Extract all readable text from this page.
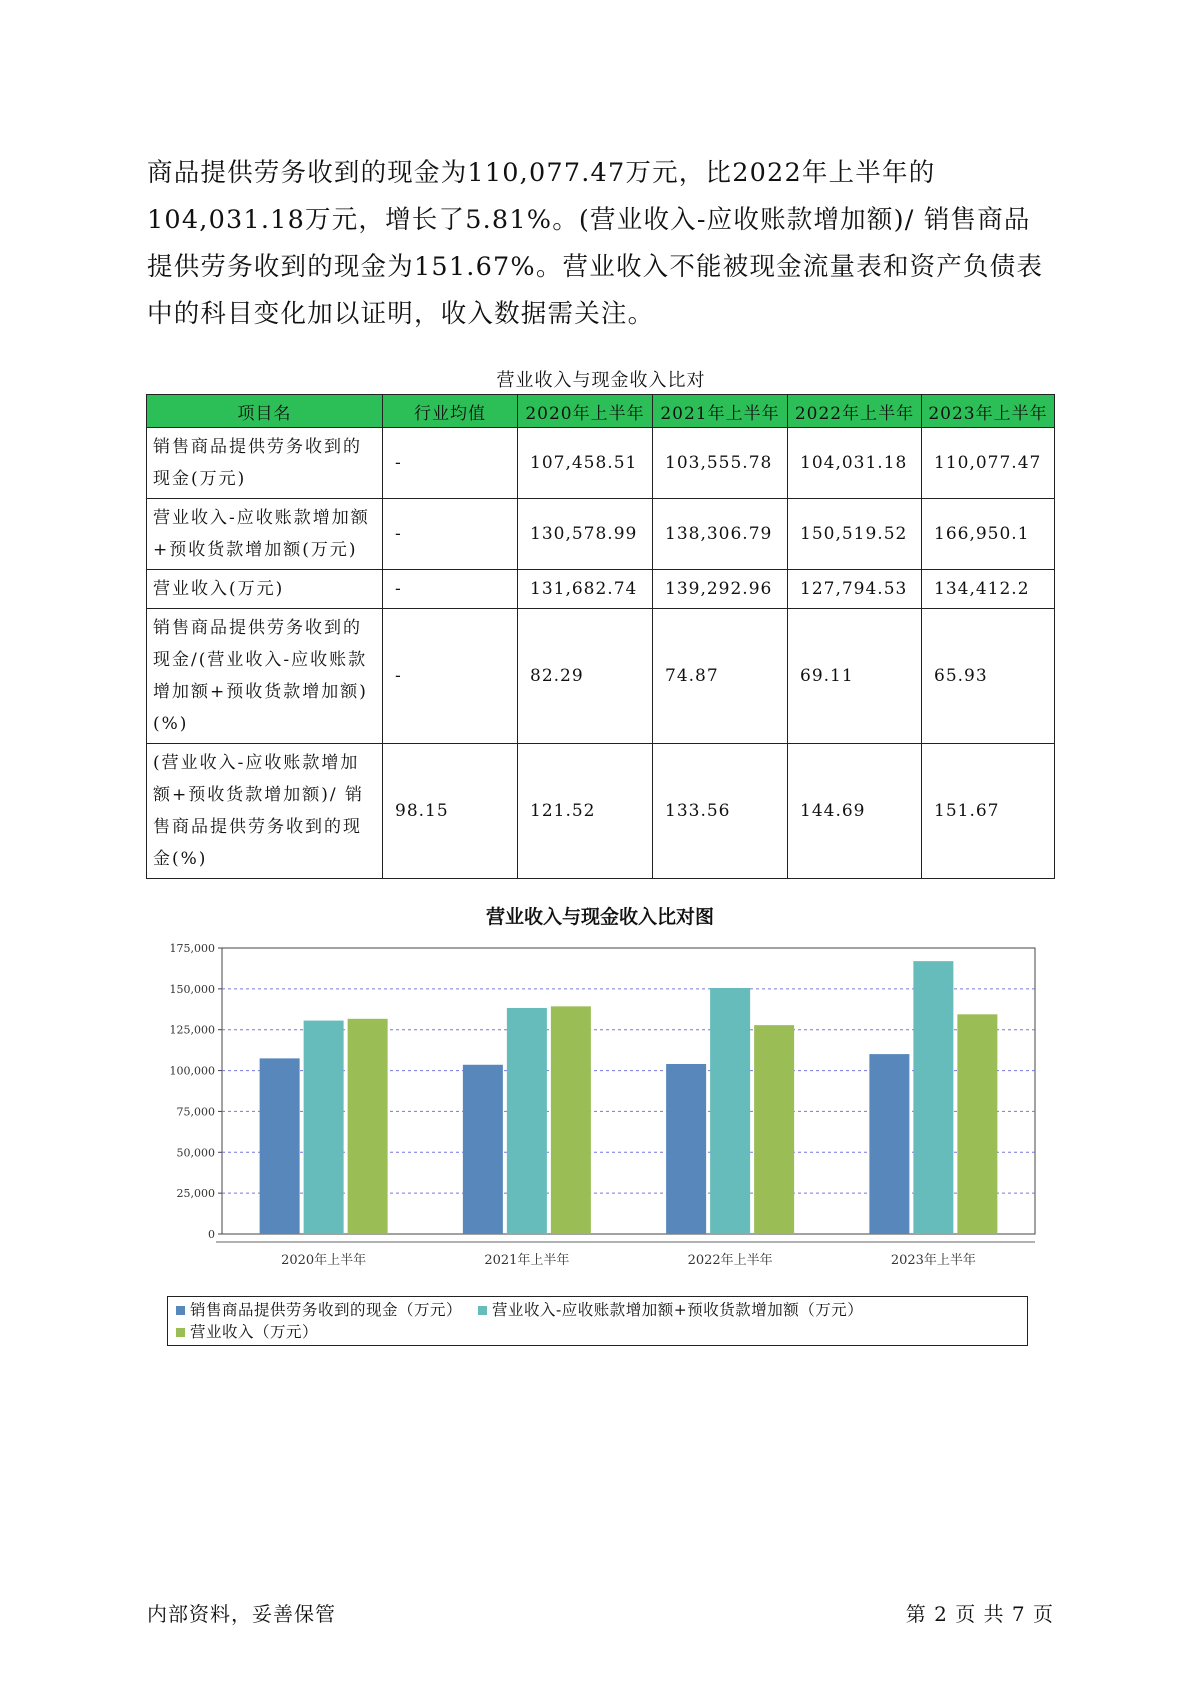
商品提供劳务收到的现金为110,077.47万元，比2022年上半年的104,031.18万元，增长了5.81%。(营业收入-应收账款增加额)/ 销售商品提供劳务收到的现金为151.67%。营业收入不能被现金流量表和资产负债表中的科目变化加以证明，收入数据需关注。

营业收入与现金收入比对
项目名	行业均值	2020年上半年	2021年上半年	2022年上半年	2023年上半年
销售商品提供劳务收到的现金(万元)	-	107,458.51	103,555.78	104,031.18	110,077.47
营业收入-应收账款增加额+预收货款增加额(万元)	-	130,578.99	138,306.79	150,519.52	166,950.1
营业收入(万元)	-	131,682.74	139,292.96	127,794.53	134,412.2
销售商品提供劳务收到的现金/(营业收入-应收账款增加额+预收货款增加额)(%)	-	82.29	74.87	69.11	65.93
(营业收入-应收账款增加额+预收货款增加额)/ 销售商品提供劳务收到的现金(%)	98.15	121.52	133.56	144.69	151.67
营业收入与现金收入比对图
0
25,000
50,000
75,000
100,000
125,000
150,000
175,000
2020年上半年	2021年上半年	2022年上半年	2023年上半年
销售商品提供劳务收到的现金（万元） 营业收入-应收账款增加额+预收货款增加额（万元）
营业收入（万元）
内部资料，妥善保管	第 2 页 共 7 页
